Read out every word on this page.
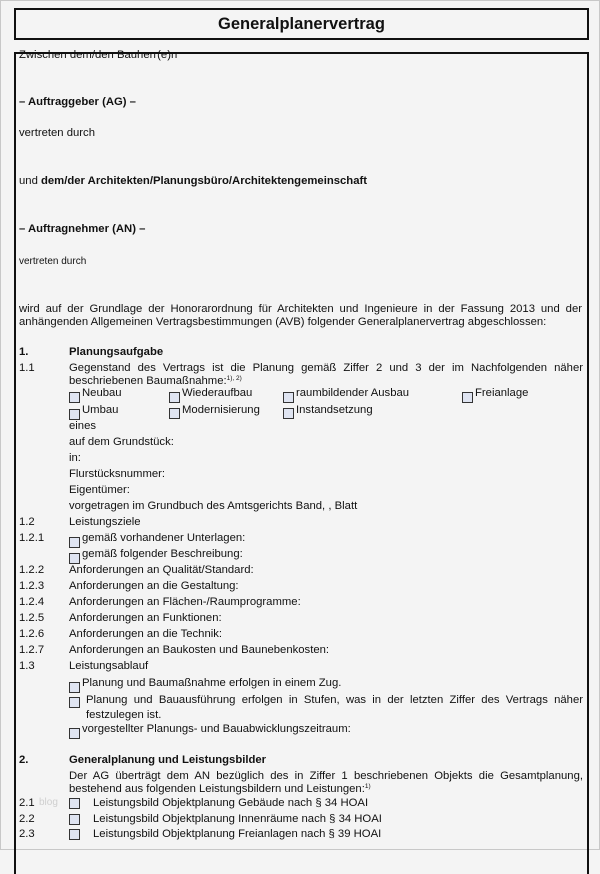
Generalplanervertrag
Zwischen dem/den Bauherr(e)n
– Auftraggeber (AG) –
vertreten durch
und dem/der Architekten/Planungsbüro/Architektengemeinschaft
– Auftragnehmer (AN) –
vertreten durch
wird auf der Grundlage der Honorarordnung für Architekten und Ingenieure in der Fassung 2013 und der
anhängenden Allgemeinen Vertragsbestimmungen (AVB) folgender Generalplanervertrag abgeschlossen:
1.	Planungsaufgabe
1.1	Gegenstand des Vertrags ist die Planung gemäß Ziffer 2 und 3 der im Nachfolgenden näher
beschriebenen Baumaßnahme:$^{1), 2)}$
Neubau	Wiederaufbau	raumbildender Ausbau	Freianlage
Umbau	Modernisierung	Instandsetzung
eines
auf dem Grundstück:
in:
Flurstücksnummer:
Eigentümer:
vorgetragen im Grundbuch des Amtsgerichts Band, , Blatt
1.2	Leistungsziele
1.2.1	gemäß vorhandener Unterlagen:
gemäß folgender Beschreibung:
1.2.2 Anforderungen an Qualität/Standard:
1.2.3 Anforderungen an die Gestaltung:
1.2.4 Anforderungen an Flächen-/Raumprogramme:
1.2.5 Anforderungen an Funktionen:
1.2.6 Anforderungen an die Technik:
1.2.7 Anforderungen an Baukosten und Baunebenkosten:
1.3	Leistungsablauf
Planung und Baumaßnahme erfolgen in einem Zug.
Planung und Bauausführung erfolgen in Stufen, was in der letzten Ziffer des Vertrags näher
festzulegen ist.
vorgestellter Planungs- und Bauabwicklungszeitraum:
2.	Generalplanung und Leistungsbilder
Der AG überträgt dem AN bezüglich des in Ziffer 1 beschriebenen Objekts die Gesamtplanung,
bestehend aus folgenden Leistungsbildern und Leistungen:$^{1)}$
blog
2.1	Leistungsbild Objektplanung Gebäude nach § 34 HOAI
2.2	Leistungsbild Objektplanung Innenräume nach § 34 HOAI
2.3	Leistungsbild Objektplanung Freianlagen nach § 39 HOAI
